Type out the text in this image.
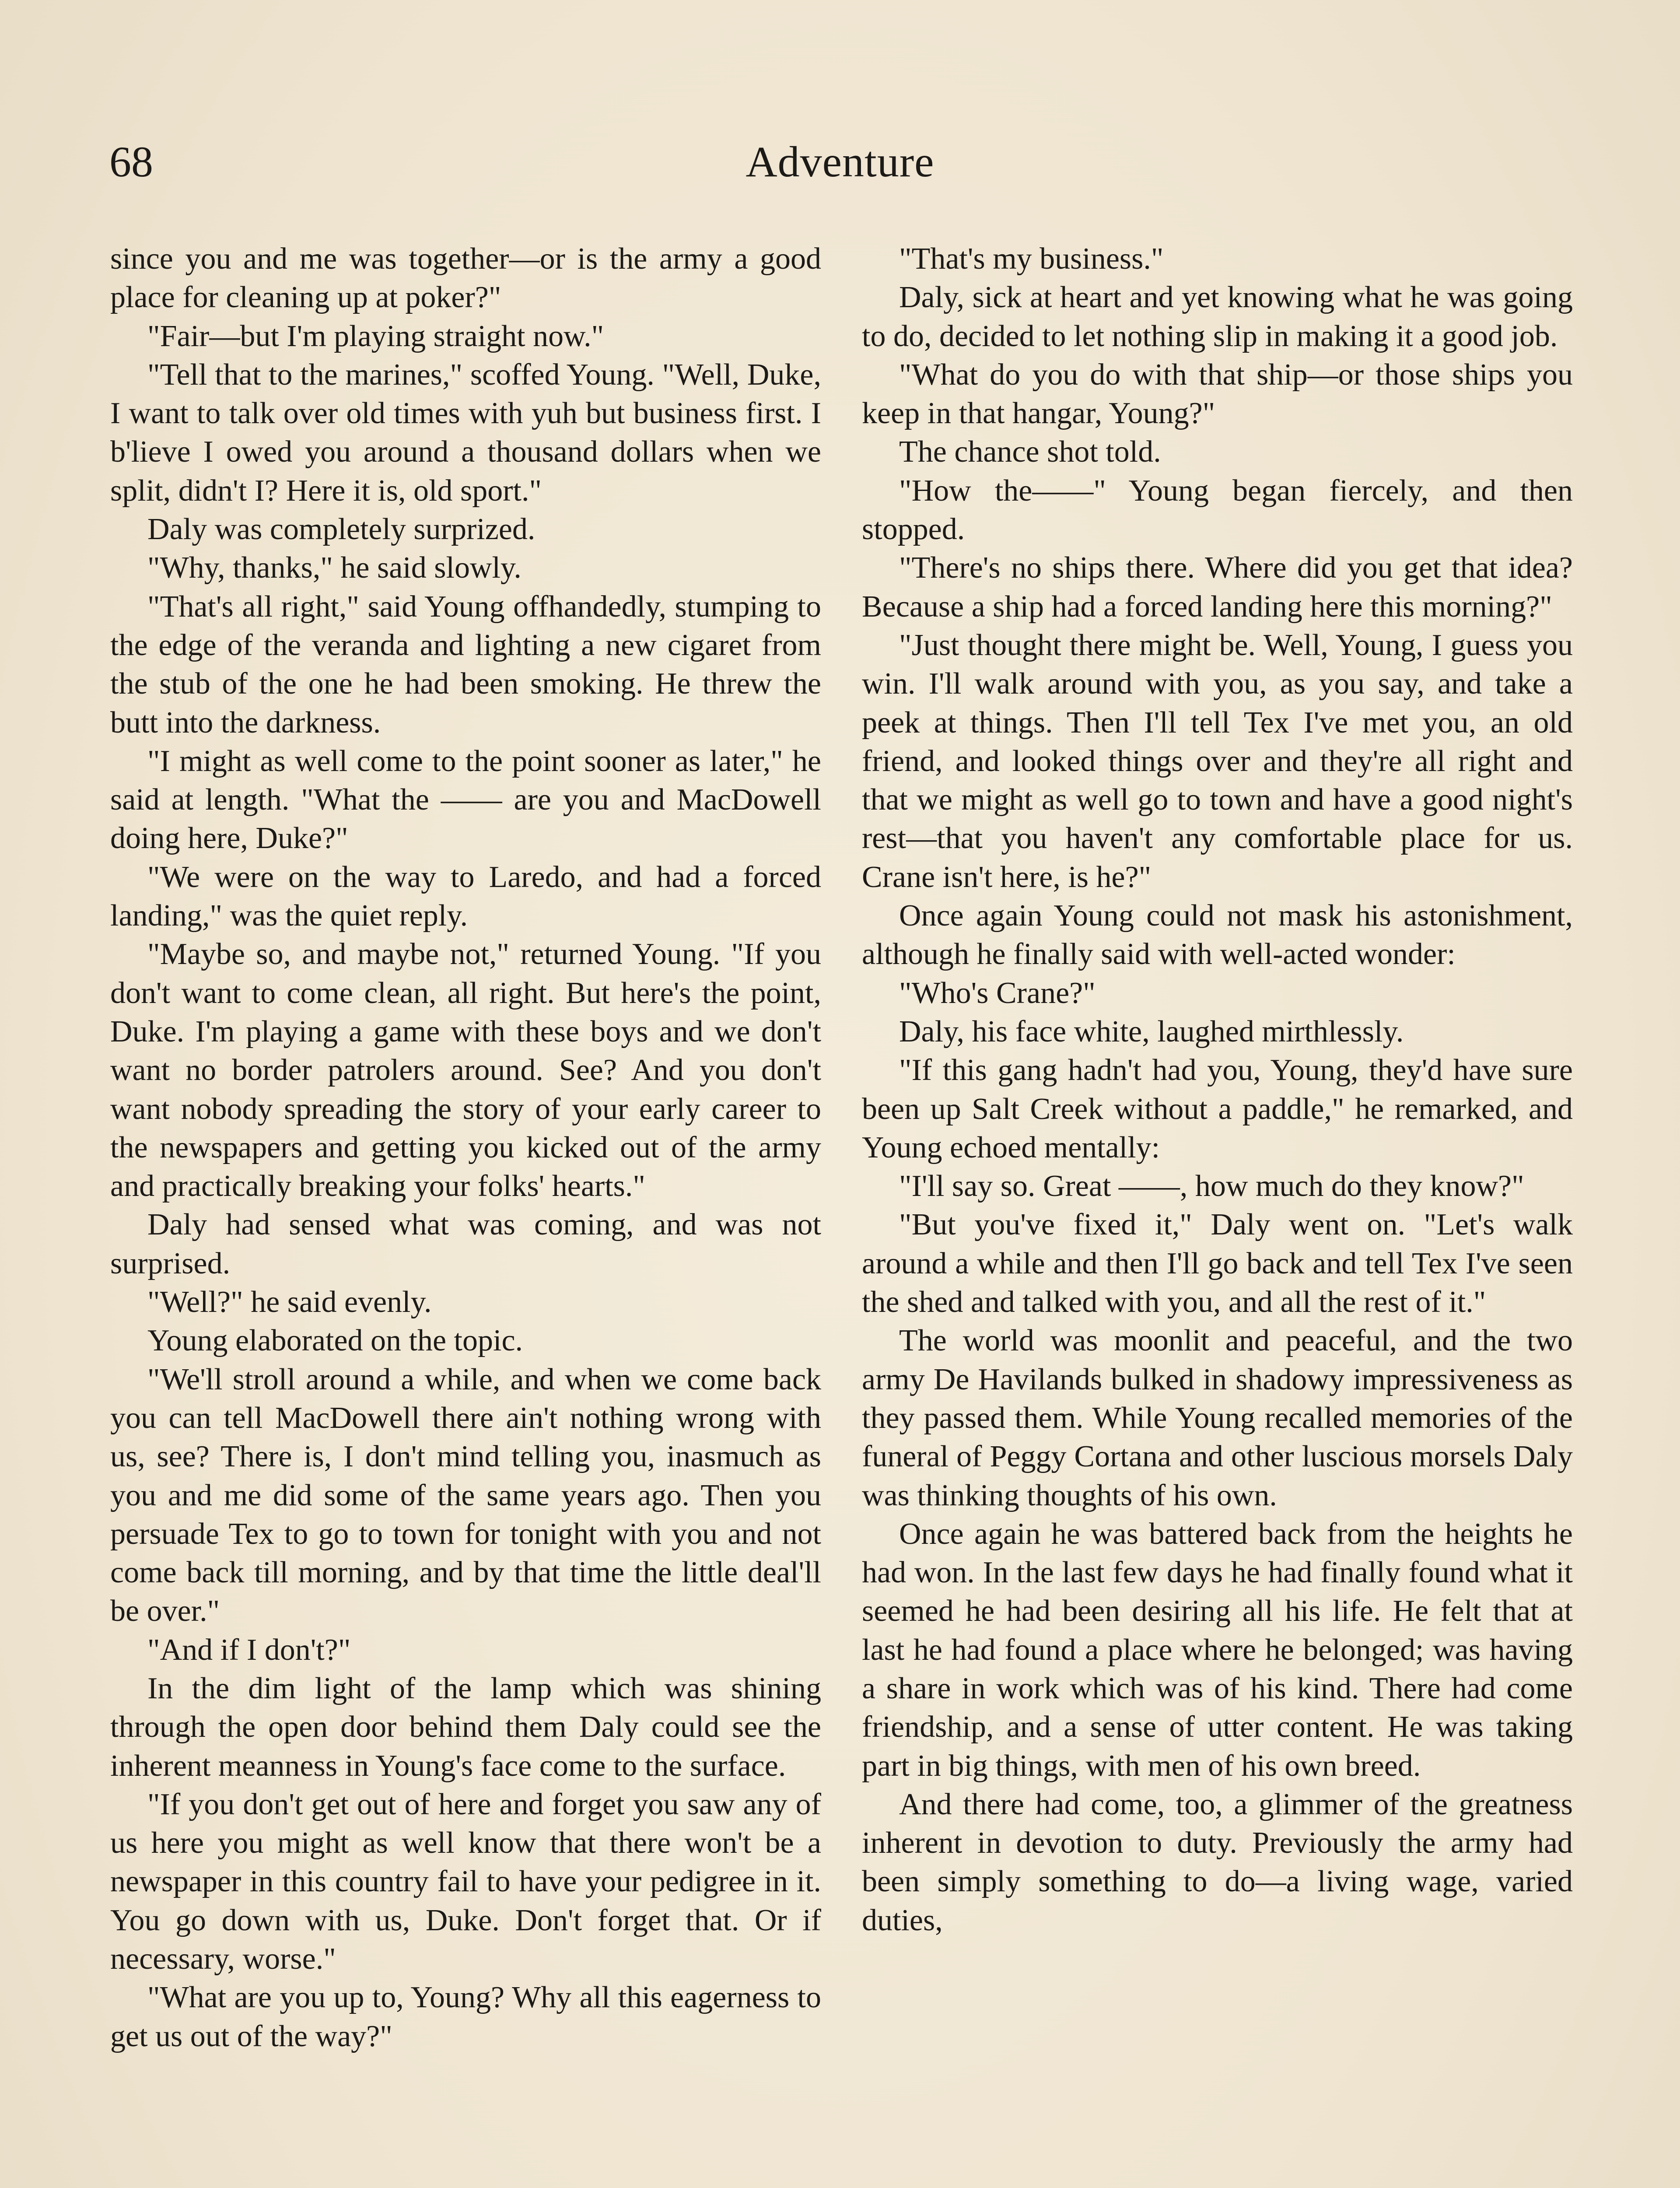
68	Adventure

since you and me was together—or is the army a good place for cleaning up at poker?"

"Fair—but I'm playing straight now."

"Tell that to the marines," scoffed Young. "Well, Duke, I want to talk over old times with yuh but business first. I b'lieve I owed you around a thousand dollars when we split, didn't I? Here it is, old sport."

Daly was completely surprized.

"Why, thanks," he said slowly.

"That's all right," said Young offhandedly, stumping to the edge of the veranda and lighting a new cigaret from the stub of the one he had been smoking. He threw the butt into the darkness.

"I might as well come to the point sooner as later," he said at length. "What the —— are you and MacDowell doing here, Duke?"

"We were on the way to Laredo, and had a forced landing," was the quiet reply.

"Maybe so, and maybe not," returned Young. "If you don't want to come clean, all right. But here's the point, Duke. I'm playing a game with these boys and we don't want no border patrolers around. See? And you don't want nobody spreading the story of your early career to the newspapers and getting you kicked out of the army and practically breaking your folks' hearts."

Daly had sensed what was coming, and was not surprised.

"Well?" he said evenly.

Young elaborated on the topic.

"We'll stroll around a while, and when we come back you can tell MacDowell there ain't nothing wrong with us, see? There is, I don't mind telling you, inasmuch as you and me did some of the same years ago. Then you persuade Tex to go to town for tonight with you and not come back till morning, and by that time the little deal'll be over."

"And if I don't?"

In the dim light of the lamp which was shining through the open door behind them Daly could see the inherent meanness in Young's face come to the surface.

"If you don't get out of here and forget you saw any of us here you might as well know that there won't be a newspaper in this country fail to have your pedigree in it. You go down with us, Duke. Don't forget that. Or if necessary, worse."

"What are you up to, Young? Why all this eagerness to get us out of the way?"

"That's my business."

Daly, sick at heart and yet knowing what he was going to do, decided to let nothing slip in making it a good job.

"What do you do with that ship—or those ships you keep in that hangar, Young?"

The chance shot told.

"How the——" Young began fiercely, and then stopped.

"There's no ships there. Where did you get that idea? Because a ship had a forced landing here this morning?"

"Just thought there might be. Well, Young, I guess you win. I'll walk around with you, as you say, and take a peek at things. Then I'll tell Tex I've met you, an old friend, and looked things over and they're all right and that we might as well go to town and have a good night's rest—that you haven't any comfortable place for us. Crane isn't here, is he?"

Once again Young could not mask his astonishment, although he finally said with well-acted wonder:

"Who's Crane?"

Daly, his face white, laughed mirthlessly.

"If this gang hadn't had you, Young, they'd have sure been up Salt Creek without a paddle," he remarked, and Young echoed mentally:

"I'll say so. Great ——, how much do they know?"

"But you've fixed it," Daly went on. "Let's walk around a while and then I'll go back and tell Tex I've seen the shed and talked with you, and all the rest of it."

The world was moonlit and peaceful, and the two army De Havilands bulked in shadowy impressiveness as they passed them. While Young recalled memories of the funeral of Peggy Cortana and other luscious morsels Daly was thinking thoughts of his own.

Once again he was battered back from the heights he had won. In the last few days he had finally found what it seemed he had been desiring all his life. He felt that at last he had found a place where he belonged; was having a share in work which was of his kind. There had come friendship, and a sense of utter content. He was taking part in big things, with men of his own breed.

And there had come, too, a glimmer of the greatness inherent in devotion to duty. Previously the army had been simply something to do—a living wage, varied duties,
